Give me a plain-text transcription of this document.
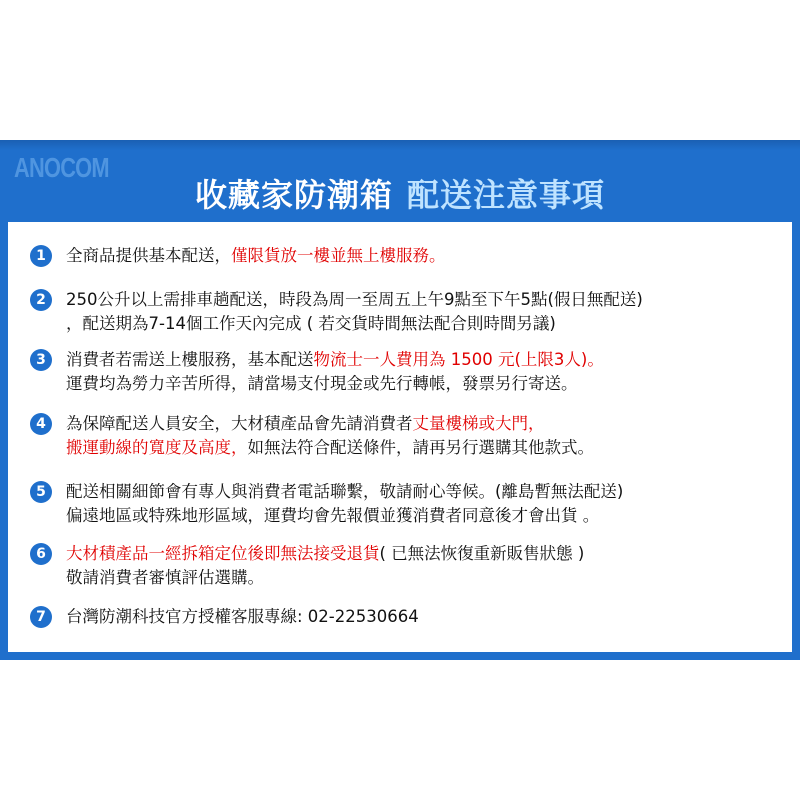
ANOCOM
收藏家防潮箱 配送注意事項
1	全商品提供基本配送，僅限貨放一樓並無上樓服務。
2	250公升以上需排車趟配送，時段為周一至周五上午9點至下午5點(假日無配送)
，配送期為7-14個工作天內完成 ( 若交貨時間無法配合則時間另議)
3	消費者若需送上樓服務，基本配送物流士一人費用為 1500 元(上限3人)。
運費均為勞力辛苦所得，請當場支付現金或先行轉帳，發票另行寄送。
4	為保障配送人員安全，大材積產品會先請消費者丈量樓梯或大門，
搬運動線的寬度及高度，如無法符合配送條件，請再另行選購其他款式。
5	配送相關細節會有專人與消費者電話聯繫，敬請耐心等候。(離島暫無法配送)
偏遠地區或特殊地形區域，運費均會先報價並獲消費者同意後才會出貨 。
6	大材積產品一經拆箱定位後即無法接受退貨( 已無法恢復重新販售狀態 )
敬請消費者審慎評估選購。
7	台灣防潮科技官方授權客服專線: 02-22530664
